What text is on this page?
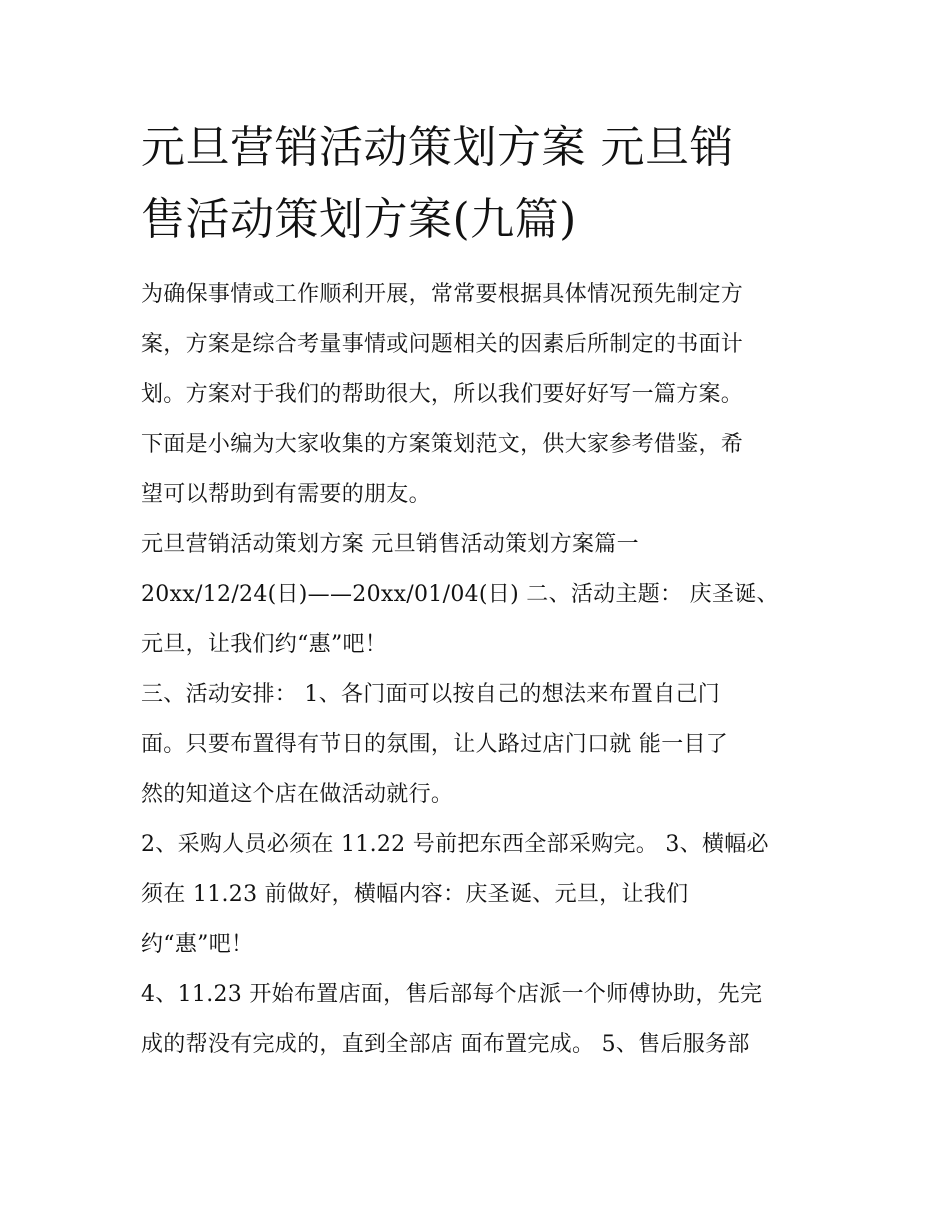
元旦营销活动策划方案 元旦销
售活动策划方案(九篇)

为确保事情或工作顺利开展，常常要根据具体情况预先制定方
案，方案是综合考量事情或问题相关的因素后所制定的书面计
划。方案对于我们的帮助很大，所以我们要好好写一篇方案。
下面是小编为大家收集的方案策划范文，供大家参考借鉴，希
望可以帮助到有需要的朋友。

元旦营销活动策划方案 元旦销售活动策划方案篇一
20xx/12/24(日)——20xx/01/04(日) 二、活动主题： 庆圣诞、
元旦，让我们约“惠”吧！

三、活动安排： 1、各门面可以按自己的想法来布置自己门
面。只要布置得有节日的氛围，让人路过店门口就 能一目了
然的知道这个店在做活动就行。

2、采购人员必须在 11.22 号前把东西全部采购完。 3、横幅必
须在 11.23 前做好，横幅内容：庆圣诞、元旦，让我们
约“惠”吧！

4、11.23 开始布置店面，售后部每个店派一个师傅协助，先完
成的帮没有完成的，直到全部店 面布置完成。 5、售后服务部
